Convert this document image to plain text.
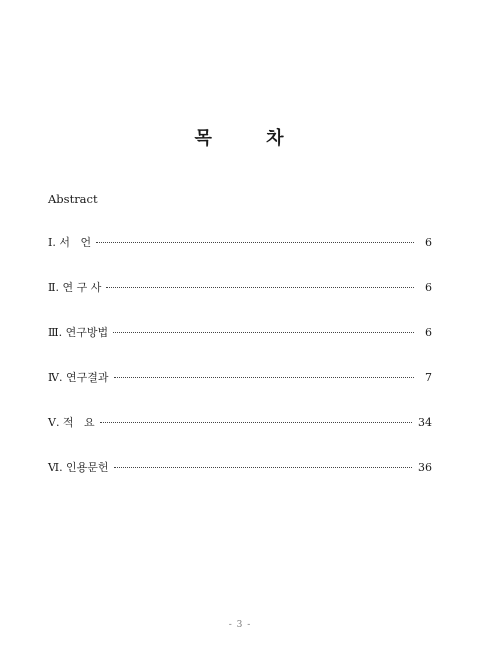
목 차
Abstract
Ⅰ. 서   언	6
Ⅱ. 연 구 사	6
Ⅲ. 연구방법	6
Ⅳ. 연구결과	7
Ⅴ. 적   요	34
Ⅵ. 인용문헌	36
- 3 -
